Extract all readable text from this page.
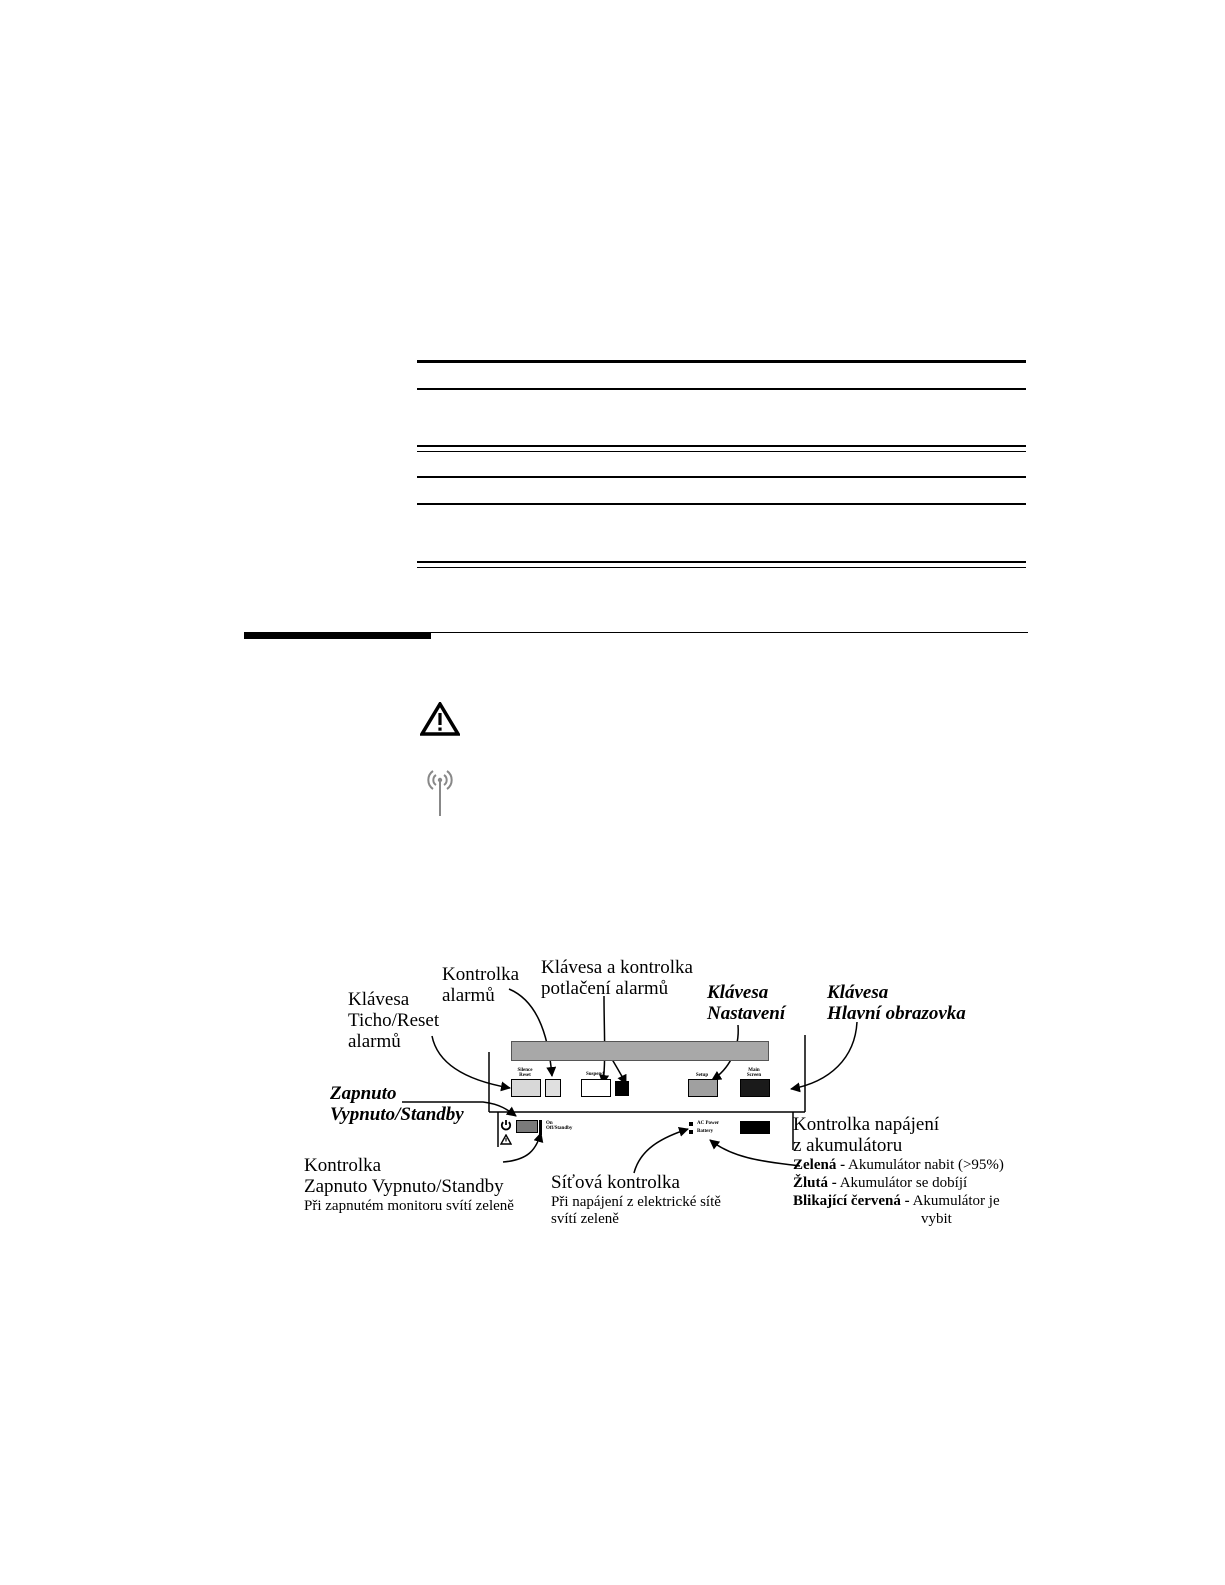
Silence
Reset	Suspend	Setup
Main
Screen
On
Off/Standby
AC Power
Battery
Kontrolka
alarmů
Klávesa a kontrolka
potlačení alarmů
Klávesa
Ticho/Reset
alarmů
Klávesa
Nastavení
Klávesa
Hlavní obrazovka
Zapnuto
Vypnuto/Standby	Kontrolka napájení
z akumulátoru
Kontrolka
Zapnuto Vypnuto/Standby
Při zapnutém monitoru svítí zeleně
Síťová kontrolka
Při napájení z elektrické sítě
svítí zeleně
Zelená - Akumulátor nabit (>95%)
Žlutá - Akumulátor se dobíjí
Blikající červená - Akumulátor je
vybit
